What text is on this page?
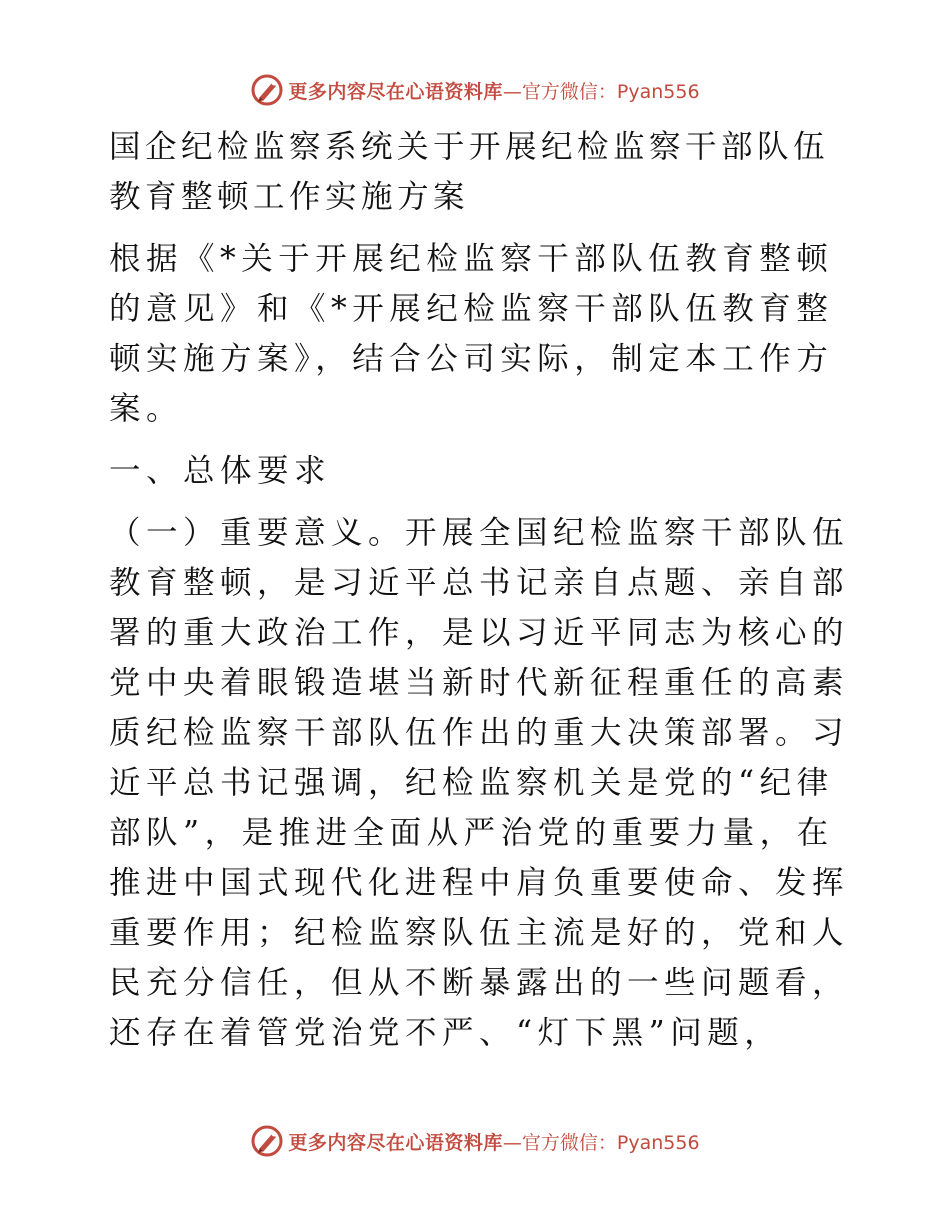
更多内容尽在心语资料库 —官方微信：Pyan556

国企纪检监察系统关于开展纪检监察干部队伍教育整顿工作实施方案

根据《*关于开展纪检监察干部队伍教育整顿的意见》和《*开展纪检监察干部队伍教育整顿实施方案》，结合公司实际，制定本工作方案。

一、总体要求

（一）重要意义。开展全国纪检监察干部队伍教育整顿，是习近平总书记亲自点题、亲自部署的重大政治工作，是以习近平同志为核心的党中央着眼锻造堪当新时代新征程重任的高素质纪检监察干部队伍作出的重大决策部署。习近平总书记强调，纪检监察机关是党的“纪律部队”，是推进全面从严治党的重要力量，在推进中国式现代化进程中肩负重要使命、发挥重要作用；纪检监察队伍主流是好的，党和人民充分信任，但从不断暴露出的一些问题看，还存在着管党治党不严、“灯下黑”问题，

更多内容尽在心语资料库 —官方微信：Pyan556
